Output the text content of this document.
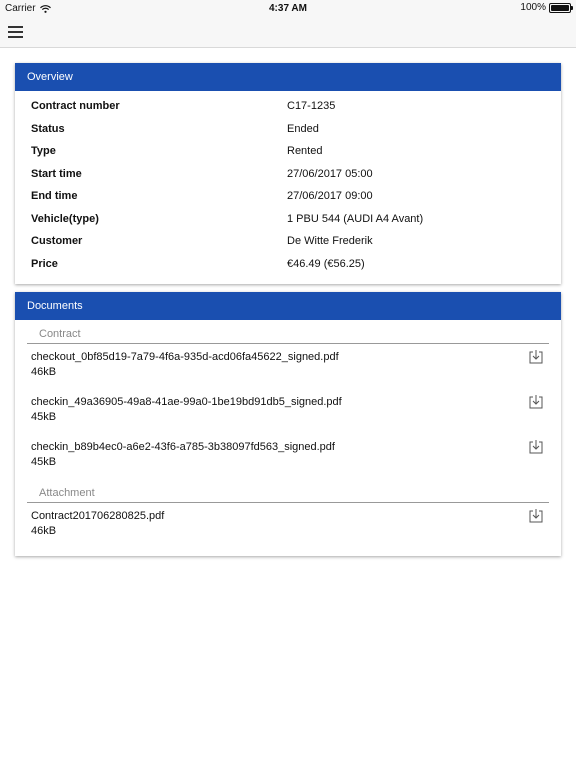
Carrier	4:37 AM	100%
Overview
Contract number	C17-1235
Status	Ended
Type	Rented
Start time	27/06/2017 05:00
End time	27/06/2017 09:00
Vehicle(type)	1 PBU 544 (AUDI A4 Avant)
Customer	De Witte Frederik
Price	€46.49 (€56.25)
Documents
Contract
checkout_0bf85d19-7a79-4f6a-935d-acd06fa45622_signed.pdf
46kB
checkin_49a36905-49a8-41ae-99a0-1be19bd91db5_signed.pdf
45kB
checkin_b89b4ec0-a6e2-43f6-a785-3b38097fd563_signed.pdf
45kB
Attachment
Contract201706280825.pdf
46kB
